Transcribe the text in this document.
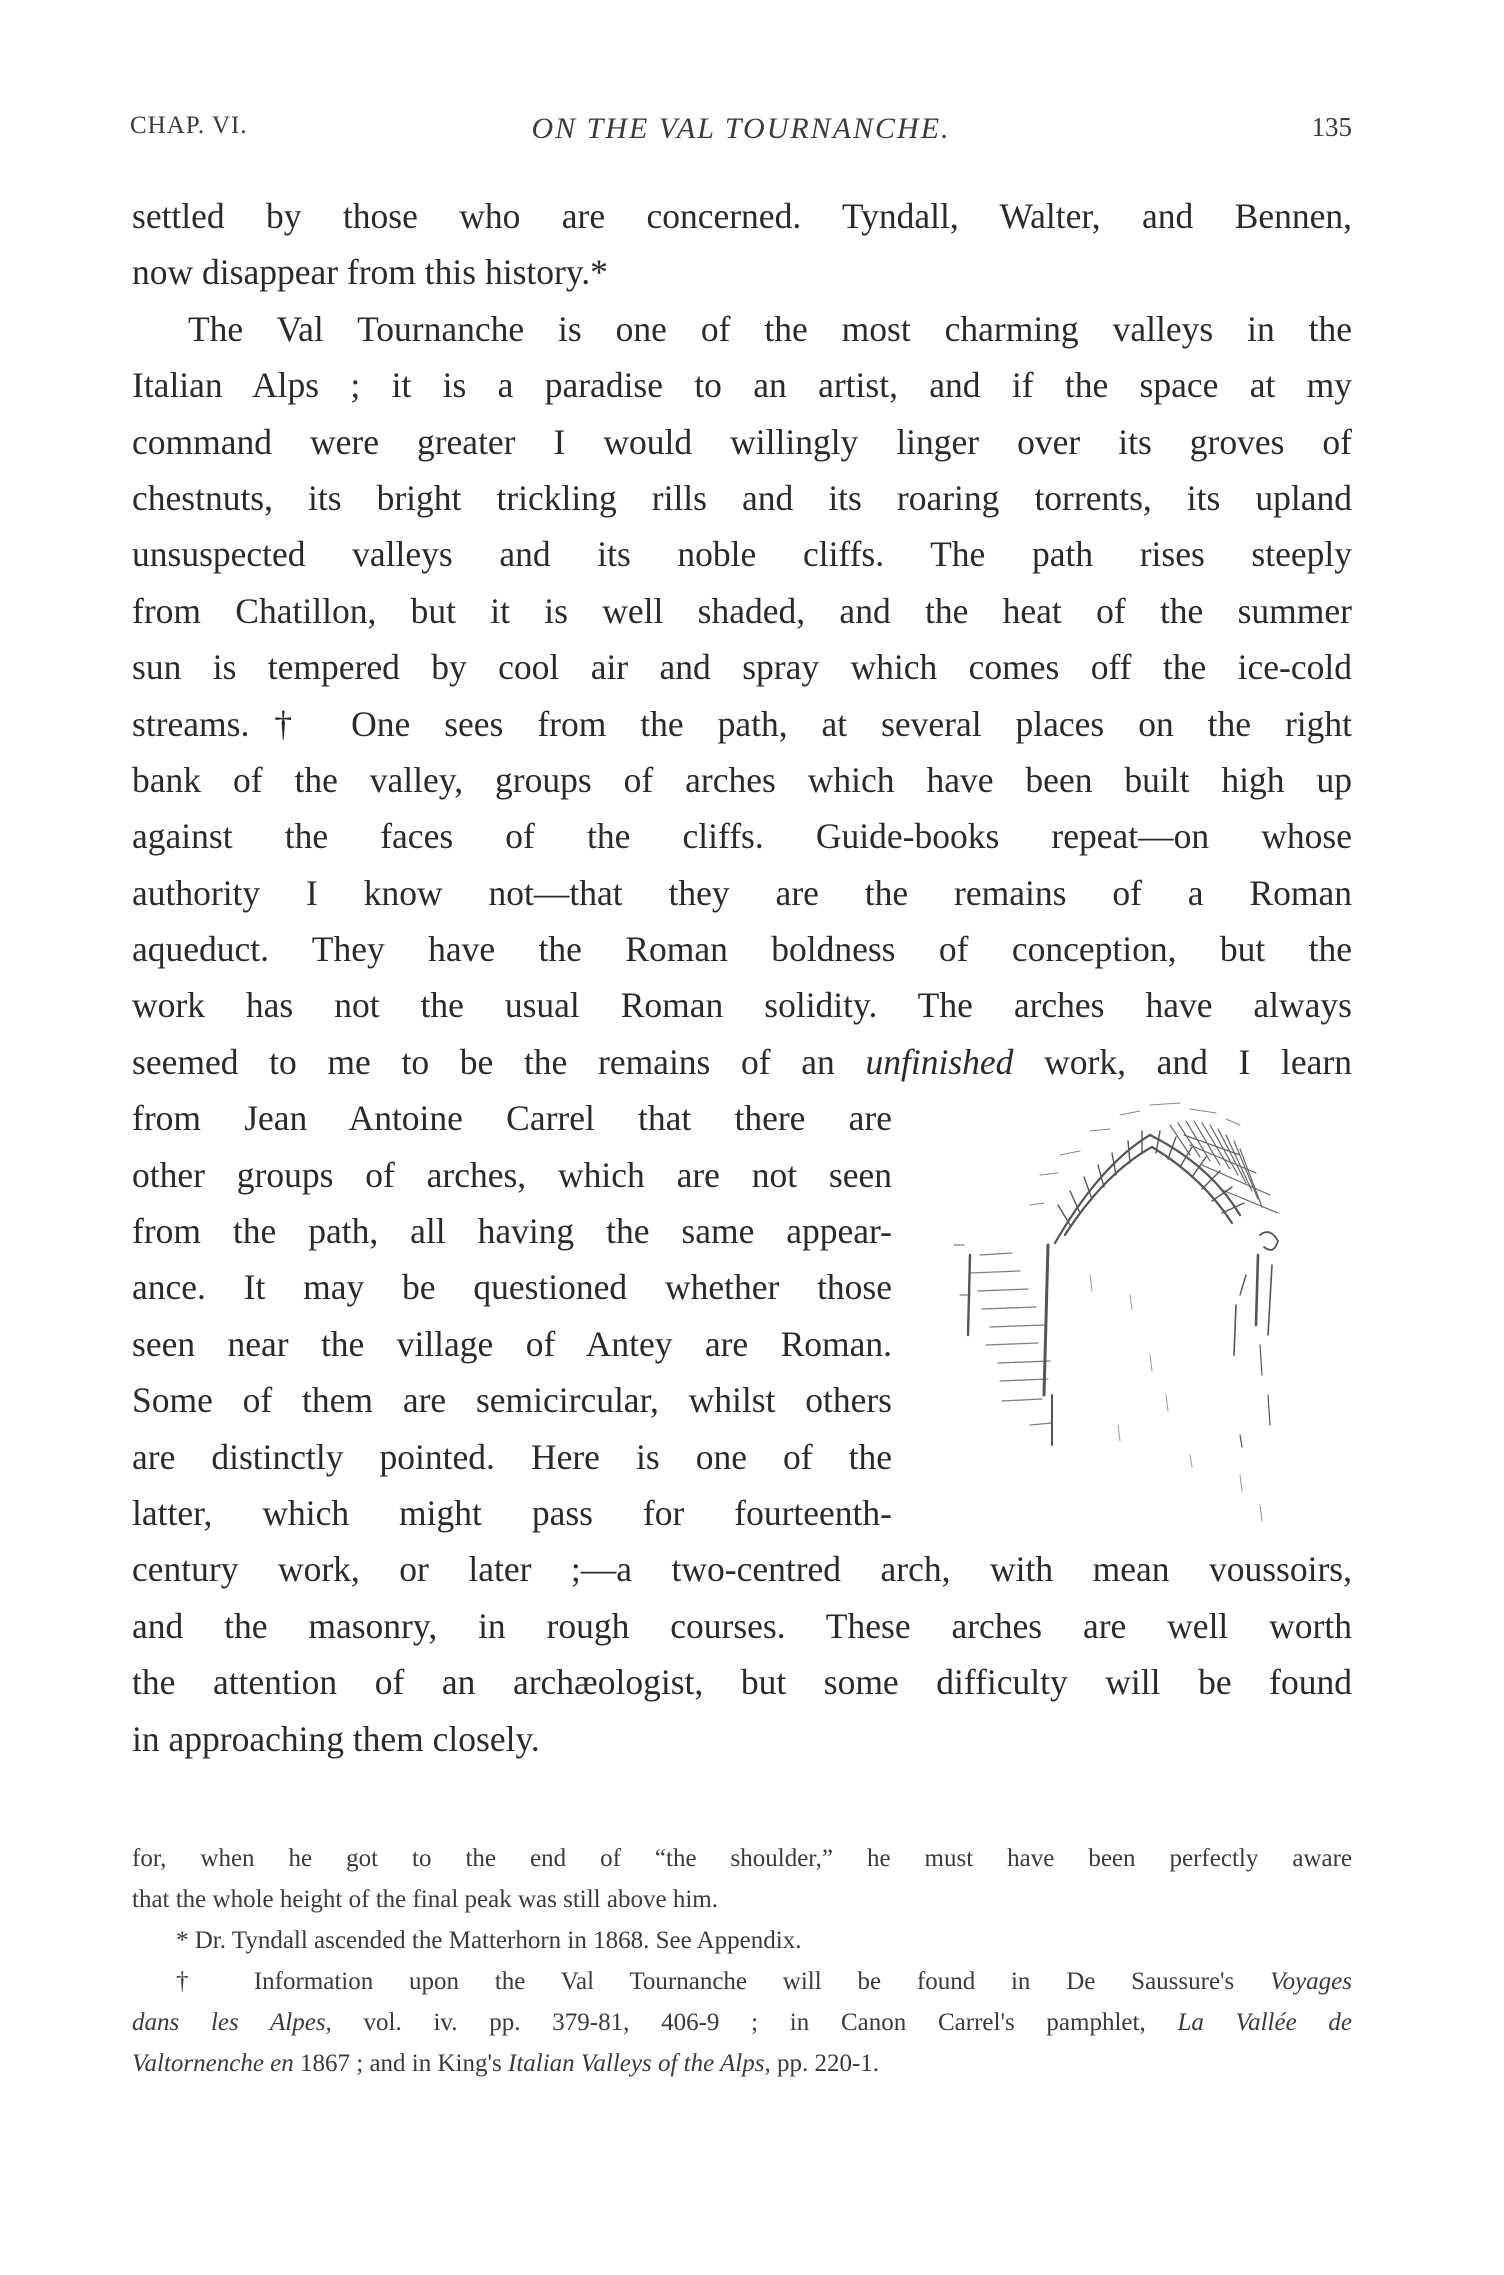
CHAP. VI.	ON THE VAL TOURNANCHE.	135
settled by those who are concerned. Tyndall, Walter, and Bennen,
now disappear from this history.*
The Val Tournanche is one of the most charming valleys in the
Italian Alps ; it is a paradise to an artist, and if the space at my
command were greater I would willingly linger over its groves of
chestnuts, its bright trickling rills and its roaring torrents, its upland
unsuspected valleys and its noble cliffs. The path rises steeply
from Chatillon, but it is well shaded, and the heat of the summer
sun is tempered by cool air and spray which comes off the ice-cold
streams.† One sees from the path, at several places on the right
bank of the valley, groups of arches which have been built high up
against the faces of the cliffs. Guide-books repeat—on whose
authority I know not—that they are the remains of a Roman
aqueduct. They have the Roman boldness of conception, but the
work has not the usual Roman solidity. The arches have always
seemed to me to be the remains of an unfinished work, and I learn
from Jean Antoine Carrel that there are
other groups of arches, which are not seen
from the path, all having the same appear-
ance. It may be questioned whether those
seen near the village of Antey are Roman.
Some of them are semicircular, whilst others
are distinctly pointed. Here is one of the
latter, which might pass for fourteenth-
century work, or later ;—a two-centred arch, with mean voussoirs,
and the masonry, in rough courses. These arches are well worth
the attention of an archæologist, but some difficulty will be found
in approaching them closely.
for, when he got to the end of “the shoulder,” he must have been perfectly aware
that the whole height of the final peak was still above him.
* Dr. Tyndall ascended the Matterhorn in 1868. See Appendix.
† Information upon the Val Tournanche will be found in De Saussure's Voyages
dans les Alpes, vol. iv. pp. 379-81, 406-9 ; in Canon Carrel's pamphlet, La Vallée de
Valtornenche en 1867 ; and in King's Italian Valleys of the Alps, pp. 220-1.
